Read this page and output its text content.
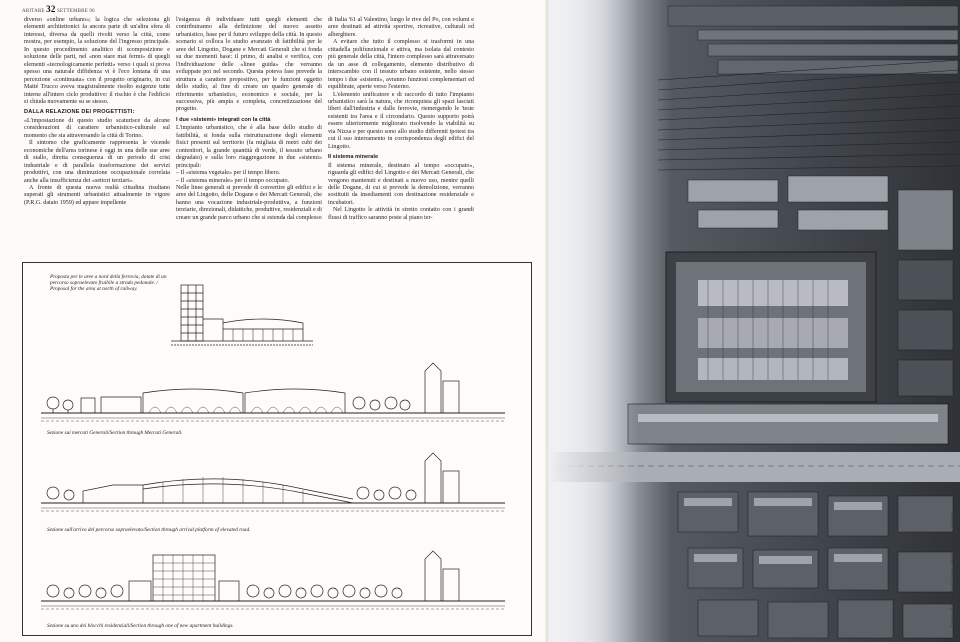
ABITARE 32 SETTEMBRE 96

diverso «online urbano»; la logica che seleziona gli elementi architettonici fa ancora parte di un'altra sfera di interessi, diversa da quelli rivolti verso la città, come mostra, per esempio, la soluzione del l'ingresso principale. In questo procedimento analitico di scomposizione e soluzione delle parti, nel «non stare mai fermi» di quegli elementi «tecnologicamente perfetti» verso i quali si prova spesso una naturale diffidenza vi è l'eco lontana di una percezione «continuata» con il progetto originario, in cui Matté Trucco aveva magistralmente risolto esigenze tutte interne all'intero ciclo produttivo: il rischio è che l'edificio si chiuda nuovamente su se stesso.

DALLA RELAZIONE DEI PROGETTISTI:

«L'impostazione di questo studio scaturisce da alcune considerazioni di carattere urbanistico-culturale sul momento che sta attraversando la città di Torino.

Il sintomo che graficamente rappresenta le vicende economiche dell'area torinese è oggi in una delle sue aree di stallo, diretta conseguenza di un periodo di crisi industriale e di parallela trasformazione dei servizi produttivi, con una diminuzione occupazionale correlata anche alla insufficienza dei «settori terziari».

A fronte di questa nuova realtà cittadina risultano superati gli strumenti urbanistici attualmente in vigore (P.R.G. datato 1959) ed appare impellente

l'esigenza di individuare tutti quegli elementi che contribuiranno alla definizione del nuovo assetto urbanistico, base per il futuro sviluppo della città. In questo scenario si colloca lo studio avanzato di fattibilità per le aree del Lingotto, Dogane e Mercati Generali che si fonda su due momenti base: il primo, di analisi e verifica, con l'individuazione delle «linee guida» che verranno sviluppate poi nel secondo. Questa poteva fase prevede la struttura a carattere propositivo, per le funzioni oggetto dello studio, al fine di creare un quadro generale di riferimento urbanistico, economico e sociale, per la successiva, più ampia e completa, concretizzazione del progetto.

I due «sistemi» integrati con la città

L'impianto urbanistico, che è alla base dello studio di fattibilità, si fonda sulla ristrutturazione degli elementi fisici presenti sul territorio (fa migliaia di metri cubi dei contenitori, la grande quantità di verde, il tessuto urbano degradato) e sulla loro riaggregazione in due «sistemi» principali:

– Il «sistema vegetale» per il tempo libero.

– Il «sistema minerale» per il tempo occupato.

Nelle linee generali si prevede di convertire gli edifici e le aree del Lingotto, delle Dogane e dei Mercati Generali, che hanno una vocazione industriale-produttiva, a funzioni terziarie, direzionali, didattiche, produttive, residenziali e di creare un grande parco urbano che si estenda dal complesso

di Italia '61 al Valentino, lungo le rive del Po, con volumi e aree destinati ad attività sportive, ricreative, culturali ed alberghiere.

A evitare che tutto il complesso si trasformi in una cittadella polifunzionale e attiva, ma isolata dal contesto più generale della città, l'intero complesso sarà attraversato da un asse di collegamento, elemento distributivo di interscambio con il tessuto urbano esistente, nello stesso tempo i due «sistemi», avranno funzioni complementari ed equilibrate, aperte verso l'esterno.

L'elemento unificatore e di raccordo di tutto l'impianto urbanistico sarà la natura, che riconquista gli spazi lasciati liberi dall'industria e dalle ferrovie, riemergendo le 'teste esistenti tra l'area e il circondario. Questo supporto potrà essere ulteriormente migliorato risolvendo la viabilità su via Nizza e per questo sono allo studio differenti ipotesi tra cui il suo interramento in corrispondenza degli edifici del Lingotto.

Il sistema minerale

Il sistema minerale, destinato al tempo «occupato», riguarda gli edifici del Lingotto e dei Mercati Generali, che vengono mantenuti e destinati a nuovo uso, mentre quelli delle Dogane, di cui si prevede la demolizione, verranno sostituiti da insediamenti con destinazione residenziale e incubatori.

Nel Lingotto le attività in stretto contatto con i grandi flussi di traffico saranno poste al piano ter-

Proposta per le aree a nord della ferrovia, dotate di un percorso sopraelevato fruibile a strada pedonale. / Proposal for the area at north of railway.
Sezione sui mercati Generali/Section through Mercati Generali.
Sezione sull'arrivo del percorso sopraelevato/Section through arrival platform of elevated road.
Sezione su uno dei blocchi residenziali/Section through one of new apartment buildings.	L'area di progetto dall'alto / Bird's eye view of area.
